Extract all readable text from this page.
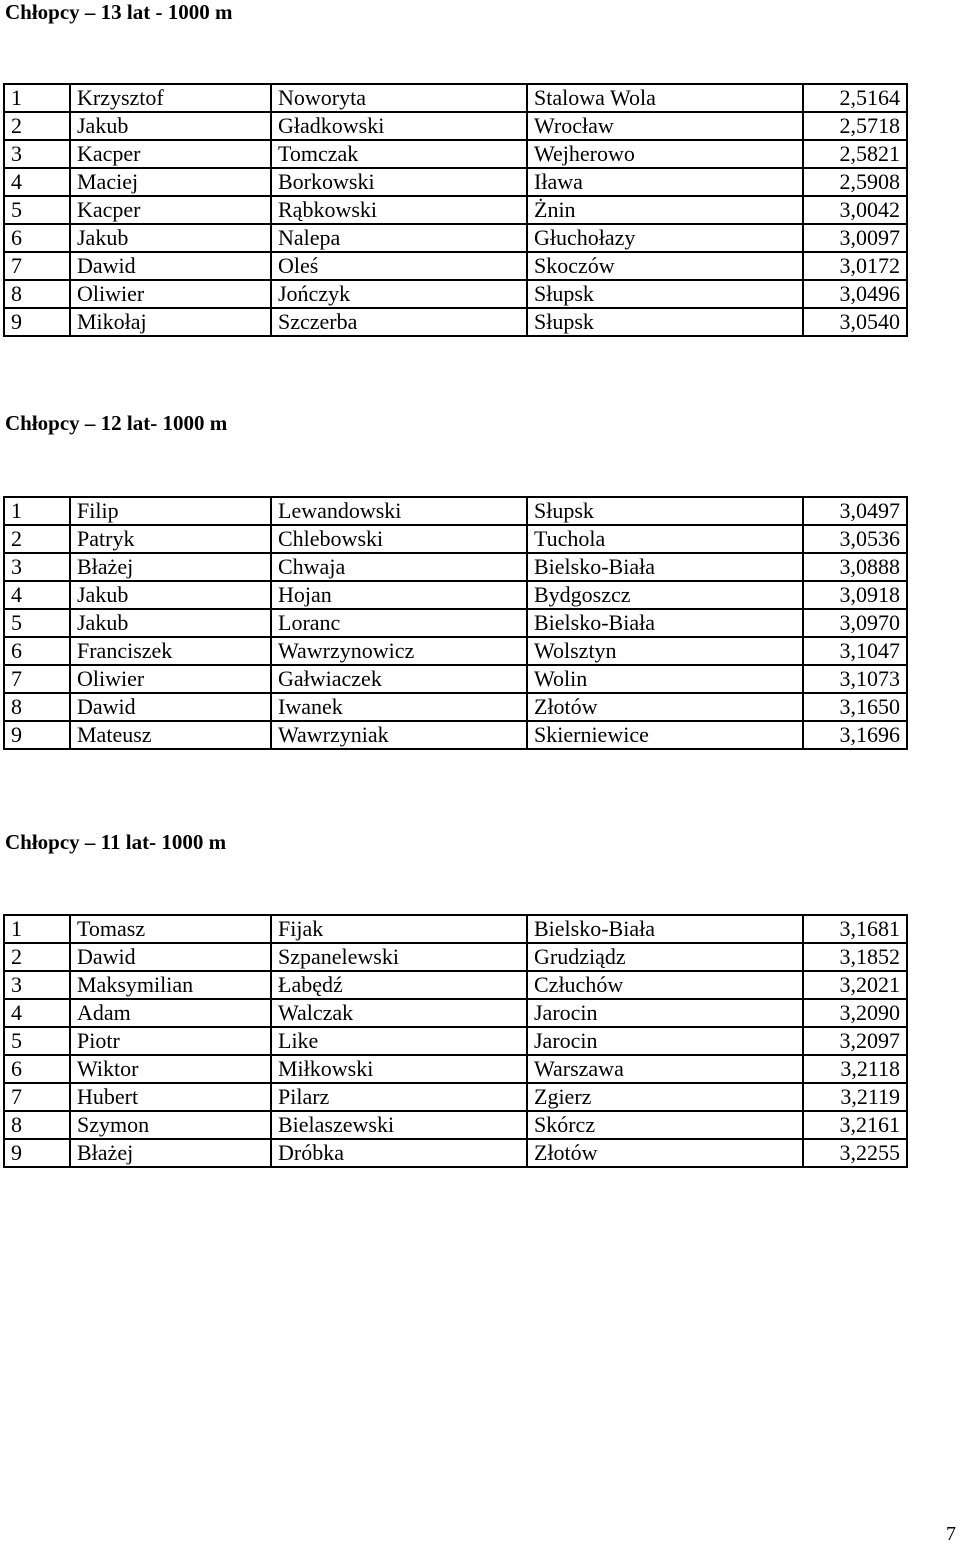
Chłopcy – 13 lat - 1000 m
1	Krzysztof	Noworyta	Stalowa Wola	2,5164
2	Jakub	Gładkowski	Wrocław	2,5718
3	Kacper	Tomczak	Wejherowo	2,5821
4	Maciej	Borkowski	Iława	2,5908
5	Kacper	Rąbkowski	Żnin	3,0042
6	Jakub	Nalepa	Głuchołazy	3,0097
7	Dawid	Oleś	Skoczów	3,0172
8	Oliwier	Jończyk	Słupsk	3,0496
9	Mikołaj	Szczerba	Słupsk	3,0540
Chłopcy – 12 lat- 1000 m
1	Filip	Lewandowski	Słupsk	3,0497
2	Patryk	Chlebowski	Tuchola	3,0536
3	Błażej	Chwaja	Bielsko-Biała	3,0888
4	Jakub	Hojan	Bydgoszcz	3,0918
5	Jakub	Loranc	Bielsko-Biała	3,0970
6	Franciszek	Wawrzynowicz	Wolsztyn	3,1047
7	Oliwier	Gałwiaczek	Wolin	3,1073
8	Dawid	Iwanek	Złotów	3,1650
9	Mateusz	Wawrzyniak	Skierniewice	3,1696
Chłopcy – 11 lat- 1000 m
1	Tomasz	Fijak	Bielsko-Biała	3,1681
2	Dawid	Szpanelewski	Grudziądz	3,1852
3	Maksymilian	Łabędź	Człuchów	3,2021
4	Adam	Walczak	Jarocin	3,2090
5	Piotr	Like	Jarocin	3,2097
6	Wiktor	Miłkowski	Warszawa	3,2118
7	Hubert	Pilarz	Zgierz	3,2119
8	Szymon	Bielaszewski	Skórcz	3,2161
9	Błażej	Dróbka	Złotów	3,2255
7
